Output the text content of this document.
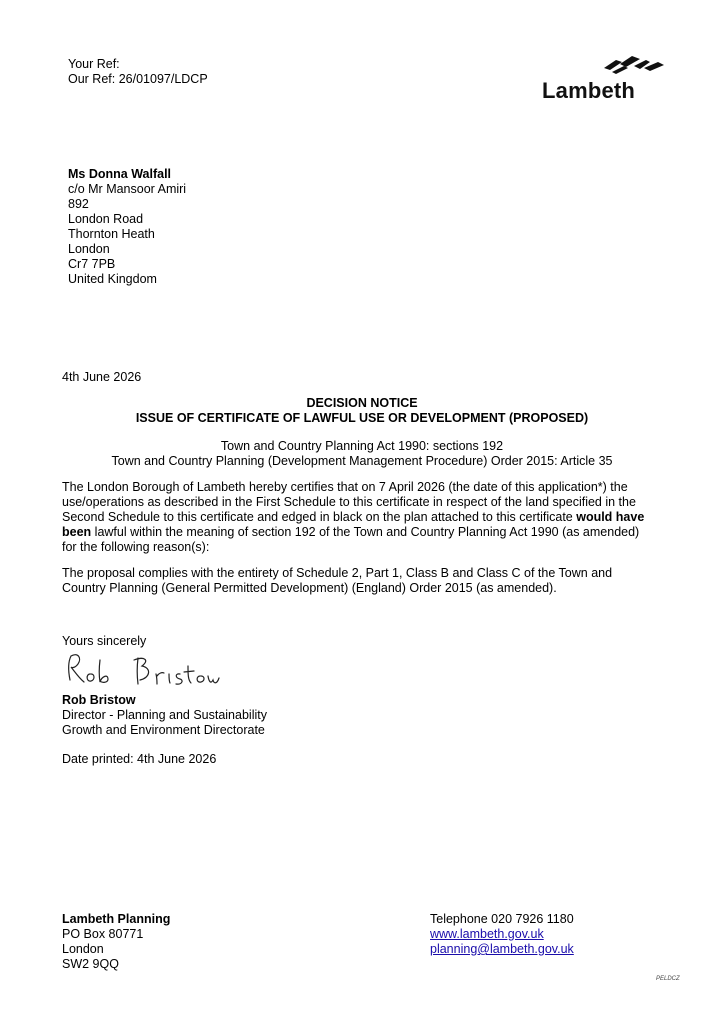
Your Ref:
Our Ref: 26/01097/LDCP	Lambeth
Ms Donna Walfall
c/o Mr Mansoor Amiri
892
London Road
Thornton Heath
London
Cr7 7PB
United Kingdom
4th June 2026
DECISION NOTICE
ISSUE OF CERTIFICATE OF LAWFUL USE OR DEVELOPMENT (PROPOSED)
Town and Country Planning Act 1990: sections 192
Town and Country Planning (Development Management Procedure) Order 2015: Article 35
The London Borough of Lambeth hereby certifies that on 7 April 2026 (the date of this application*) the use/operations as described in the First Schedule to this certificate in respect of the land specified in the Second Schedule to this certificate and edged in black on the plan attached to this certificate would have been lawful within the meaning of section 192 of the Town and Country Planning Act 1990 (as amended) for the following reason(s):
The proposal complies with the entirety of Schedule 2, Part 1, Class B and Class C of the Town and Country Planning (General Permitted Development) (England) Order 2015 (as amended).
Yours sincerely
Rob Bristow
Director - Planning and Sustainability
Growth and Environment Directorate
Date printed: 4th June 2026
Lambeth Planning
PO Box 80771
London
SW2 9QQ
Telephone 020 7926 1180
www.lambeth.gov.uk
planning@lambeth.gov.uk
PELDCZ
